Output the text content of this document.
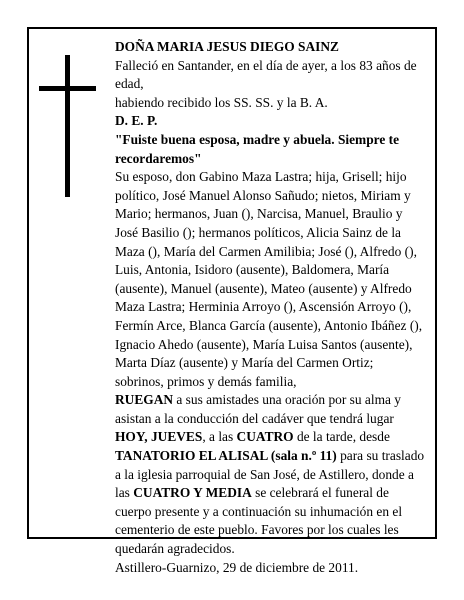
DOÑA MARIA JESUS DIEGO SAINZ

Falleció en Santander, en el día de ayer, a los 83 años de edad,

habiendo recibido los SS. SS. y la B. A.

D. E. P.

"Fuiste buena esposa, madre y abuela. Siempre te recordaremos"

Su esposo, don Gabino Maza Lastra; hija, Grisell; hijo político, José Manuel Alonso Sañudo; nietos, Miriam y Mario; hermanos, Juan (), Narcisa, Manuel, Braulio y José Basilio (); hermanos políticos, Alicia Sainz de la Maza (), María del Carmen Amilibia; José (), Alfredo (), Luis, Antonia, Isidoro (ausente), Baldomera, María (ausente), Manuel (ausente), Mateo (ausente) y Alfredo Maza Lastra; Herminia Arroyo (), Ascensión Arroyo (), Fermín Arce, Blanca García (ausente), Antonio Ibáñez (), Ignacio Ahedo (ausente), María Luisa Santos (ausente), Marta Díaz (ausente) y María del Carmen Ortiz; sobrinos, primos y demás familia,

RUEGAN a sus amistades una oración por su alma y asistan a la conducción del cadáver que tendrá lugar HOY, JUEVES, a las CUATRO de la tarde, desde TANATORIO EL ALISAL (sala n.º 11) para su traslado a la iglesia parroquial de San José, de Astillero, donde a las CUATRO Y MEDIA se celebrará el funeral de cuerpo presente y a continuación su inhumación en el cementerio de este pueblo. Favores por los cuales les quedarán agradecidos.

Astillero-Guarnizo, 29 de diciembre de 2011.
